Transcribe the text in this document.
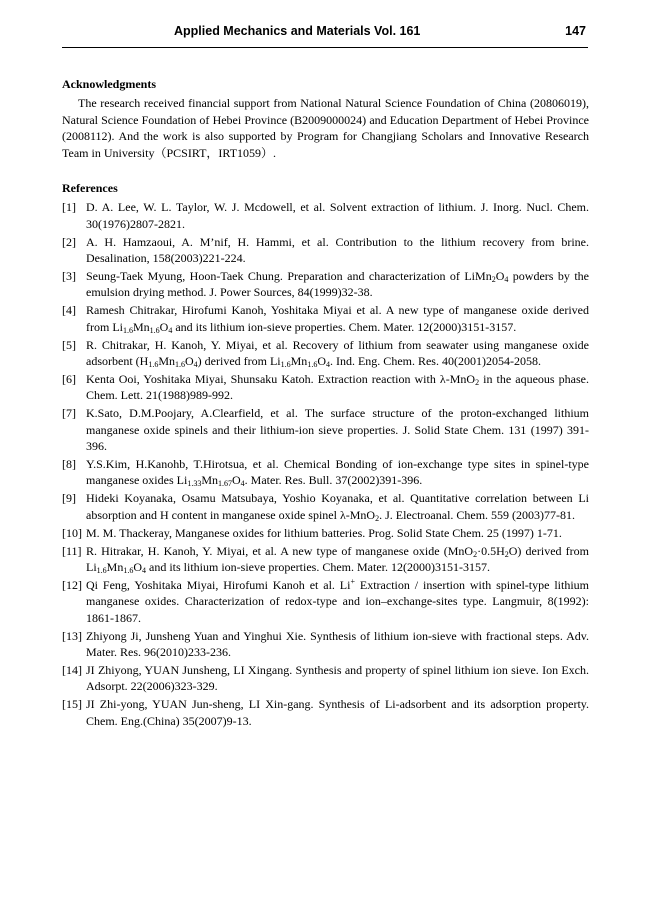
Applied Mechanics and Materials Vol. 161	147
Acknowledgments

The research received financial support from National Natural Science Foundation of China (20806019), Natural Science Foundation of Hebei Province (B2009000024) and Education Department of Hebei Province (2008112). And the work is also supported by Program for Changjiang Scholars and Innovative Research Team in University（PCSIRT，IRT1059）.

References
[1] D. A. Lee, W. L. Taylor, W. J. Mcdowell, et al. Solvent extraction of lithium. J. Inorg. Nucl. Chem. 30(1976)2807-2821.
[2] A. H. Hamzaoui, A. M’nif, H. Hammi, et al. Contribution to the lithium recovery from brine. Desalination, 158(2003)221-224.
[3] Seung-Taek Myung, Hoon-Taek Chung. Preparation and characterization of $LiMn_2O_4$ powders by the emulsion drying method. J. Power Sources, 84(1999)32-38.
[4] Ramesh Chitrakar, Hirofumi Kanoh, Yoshitaka Miyai et al. A new type of manganese oxide derived from $Li_{1.6}Mn_{1.6}O_4$ and its lithium ion-sieve properties. Chem. Mater. 12(2000)3151-3157.
[5] R. Chitrakar, H. Kanoh, Y. Miyai, et al. Recovery of lithium from seawater using manganese oxide adsorbent $(H_{1.6}Mn_{1.6}O_4)$ derived from $Li_{1.6}Mn_{1.6}O_4$. Ind. Eng. Chem. Res. 40(2001)2054-2058.
[6] Kenta Ooi, Yoshitaka Miyai, Shunsaku Katoh. Extraction reaction with λ-MnO$_2$ in the aqueous phase. Chem. Lett. 21(1988)989-992.
[7] K.Sato, D.M.Poojary, A.Clearfield, et al. The surface structure of the proton-exchanged lithium manganese oxide spinels and their lithium-ion sieve properties. J. Solid State Chem. 131 (1997) 391-396.
[8] Y.S.Kim, H.Kanohb, T.Hirotsua, et al. Chemical Bonding of ion-exchange type sites in spinel-type manganese oxides $Li_{1.33}Mn_{1.67}O_4$. Mater. Res. Bull. 37(2002)391-396.
[9] Hideki Koyanaka, Osamu Matsubaya, Yoshio Koyanaka, et al. Quantitative correlation between Li absorption and H content in manganese oxide spinel λ-MnO$_2$. J. Electroanal. Chem. 559 (2003)77-81.
[10] M. M. Thackeray, Manganese oxides for lithium batteries. Prog. Solid State Chem. 25 (1997) 1-71.
[11] R. Hitrakar, H. Kanoh, Y. Miyai, et al. A new type of manganese oxide $(MnO_2\cdot 0.5H_2O)$ derived from $Li_{1.6}Mn_{1.6}O_4$ and its lithium ion-sieve properties. Chem. Mater. 12(2000)3151-3157.
[12] Qi Feng, Yoshitaka Miyai, Hirofumi Kanoh et al. Li+ Extraction / insertion with spinel-type lithium manganese oxides. Characterization of redox-type and ion–exchange-sites type. Langmuir, 8(1992): 1861-1867.
[13] Zhiyong Ji, Junsheng Yuan and Yinghui Xie. Synthesis of lithium ion-sieve with fractional steps. Adv. Mater. Res. 96(2010)233-236.
[14] JI Zhiyong, YUAN Junsheng, LI Xingang. Synthesis and property of spinel lithium ion sieve. Ion Exch. Adsorpt. 22(2006)323-329.
[15] JI Zhi-yong, YUAN Jun-sheng, LI Xin-gang. Synthesis of Li-adsorbent and its adsorption property. Chem. Eng.(China) 35(2007)9-13.
